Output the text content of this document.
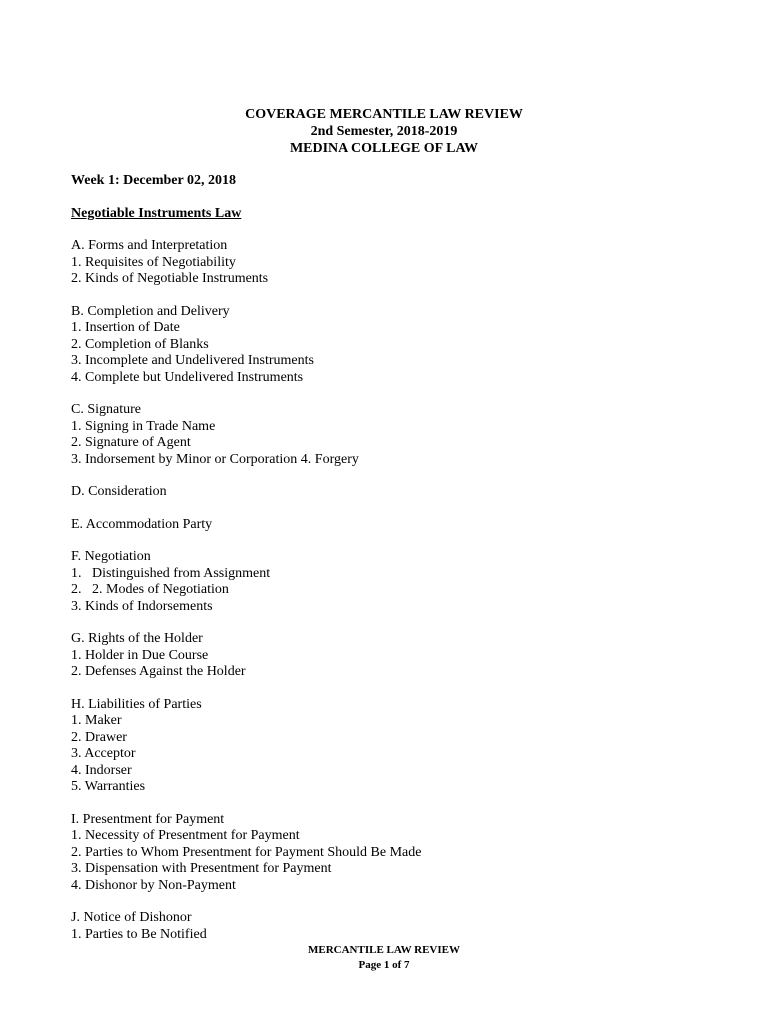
COVERAGE MERCANTILE LAW REVIEW
2nd Semester, 2018-2019
MEDINA COLLEGE OF LAW
Week 1: December 02, 2018
Negotiable Instruments Law
A. Forms and Interpretation
1. Requisites of Negotiability
2. Kinds of Negotiable Instruments
B. Completion and Delivery
1. Insertion of Date
2. Completion of Blanks
3. Incomplete and Undelivered Instruments
4. Complete but Undelivered Instruments
C. Signature
1. Signing in Trade Name
2. Signature of Agent
3. Indorsement by Minor or Corporation 4. Forgery
D. Consideration
E. Accommodation Party
F. Negotiation
1.   Distinguished from Assignment
2.   2. Modes of Negotiation
3. Kinds of Indorsements
G. Rights of the Holder
1. Holder in Due Course
2. Defenses Against the Holder
H. Liabilities of Parties
1. Maker
2. Drawer
3. Acceptor
4. Indorser
5. Warranties
I. Presentment for Payment
1. Necessity of Presentment for Payment
2. Parties to Whom Presentment for Payment Should Be Made
3. Dispensation with Presentment for Payment
4. Dishonor by Non-Payment
J. Notice of Dishonor
1. Parties to Be Notified
MERCANTILE LAW REVIEW
Page 1 of 7
